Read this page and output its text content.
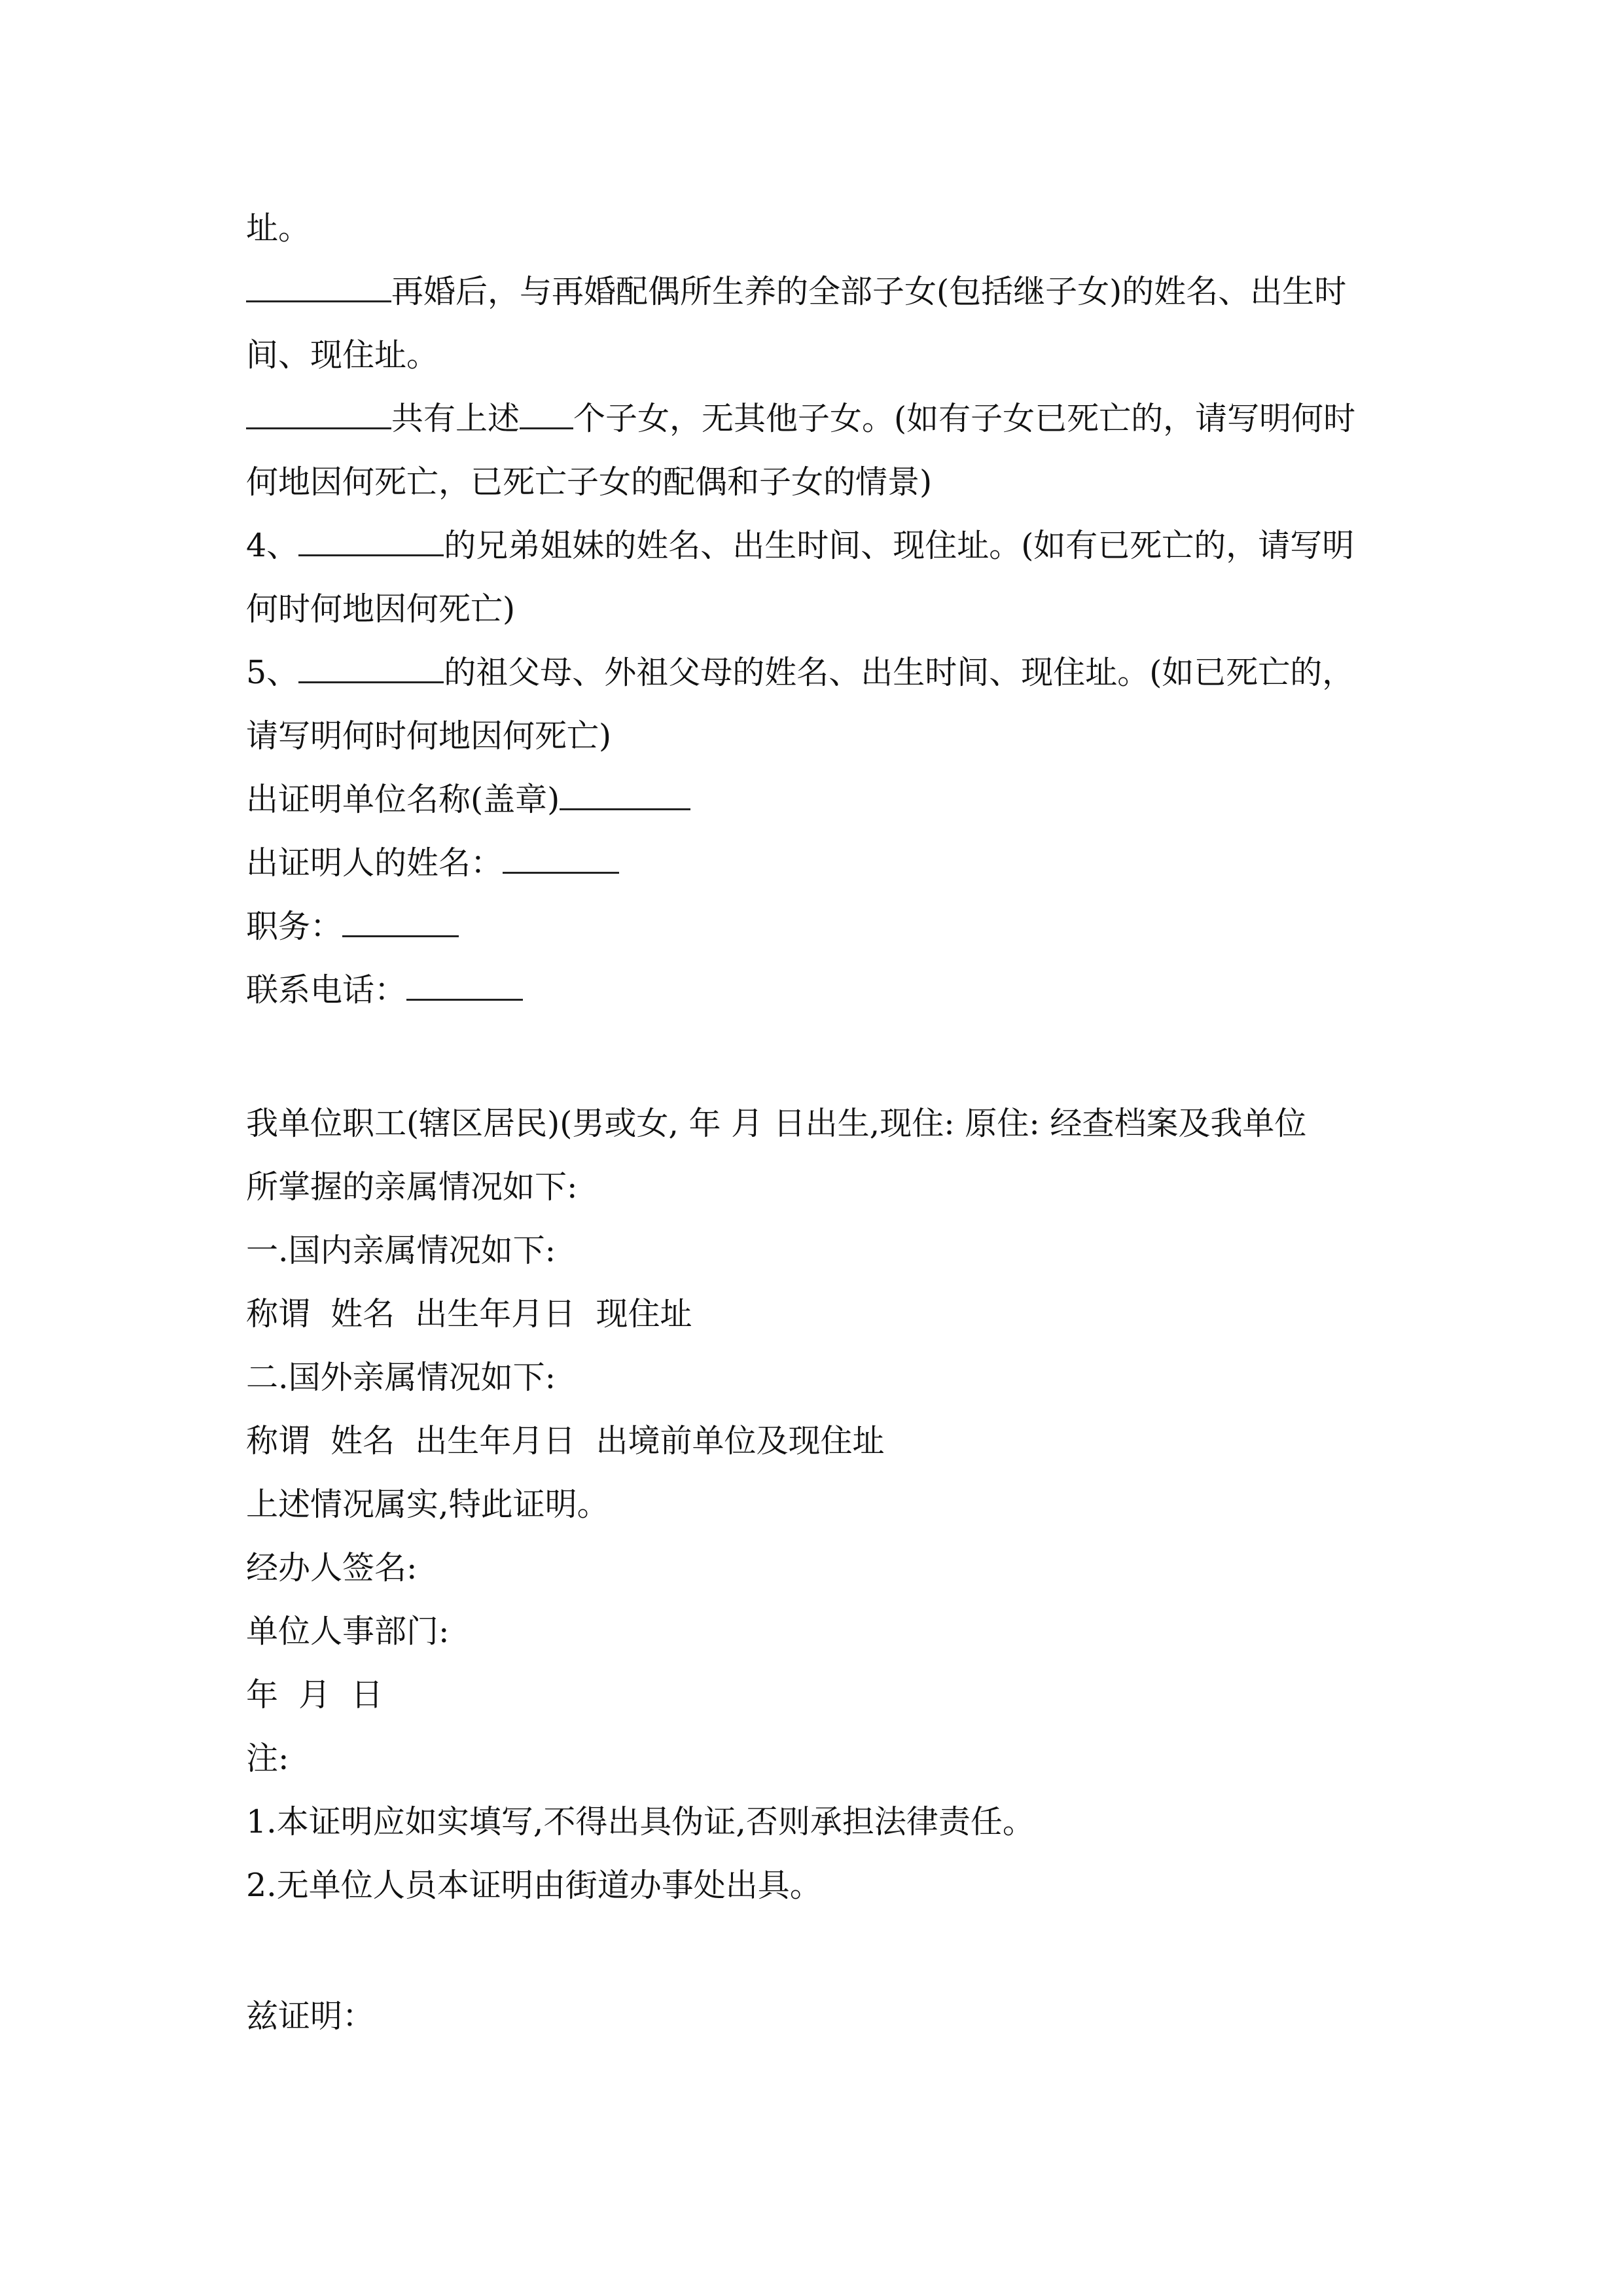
址。
再婚后，与再婚配偶所生养的全部子女(包括继子女)的姓名、出生时
间、现住址。
共有上述 个子女，无其他子女。(如有子女已死亡的，请写明何时
何地因何死亡，已死亡子女的配偶和子女的情景)
4、	的兄弟姐妹的姓名、出生时间、现住址。(如有已死亡的，请写明
何时何地因何死亡)
5、	的祖父母、外祖父母的姓名、出生时间、现住址。(如已死亡的，
请写明何时何地因何死亡)
出证明单位名称(盖章)
出证明人的姓名：
职务：
联系电话：
我单位职工(辖区居民)(男或女, 年 月 日出生,现住: 原住: 经查档案及我单位
所掌握的亲属情况如下:
一.国内亲属情况如下:
称谓  姓名  出生年月日  现住址
二.国外亲属情况如下:
称谓  姓名  出生年月日  出境前单位及现住址
上述情况属实,特此证明。
经办人签名:
单位人事部门:
年  月  日
注:
1.本证明应如实填写,不得出具伪证,否则承担法律责任。
2.无单位人员本证明由街道办事处出具。
兹证明：
